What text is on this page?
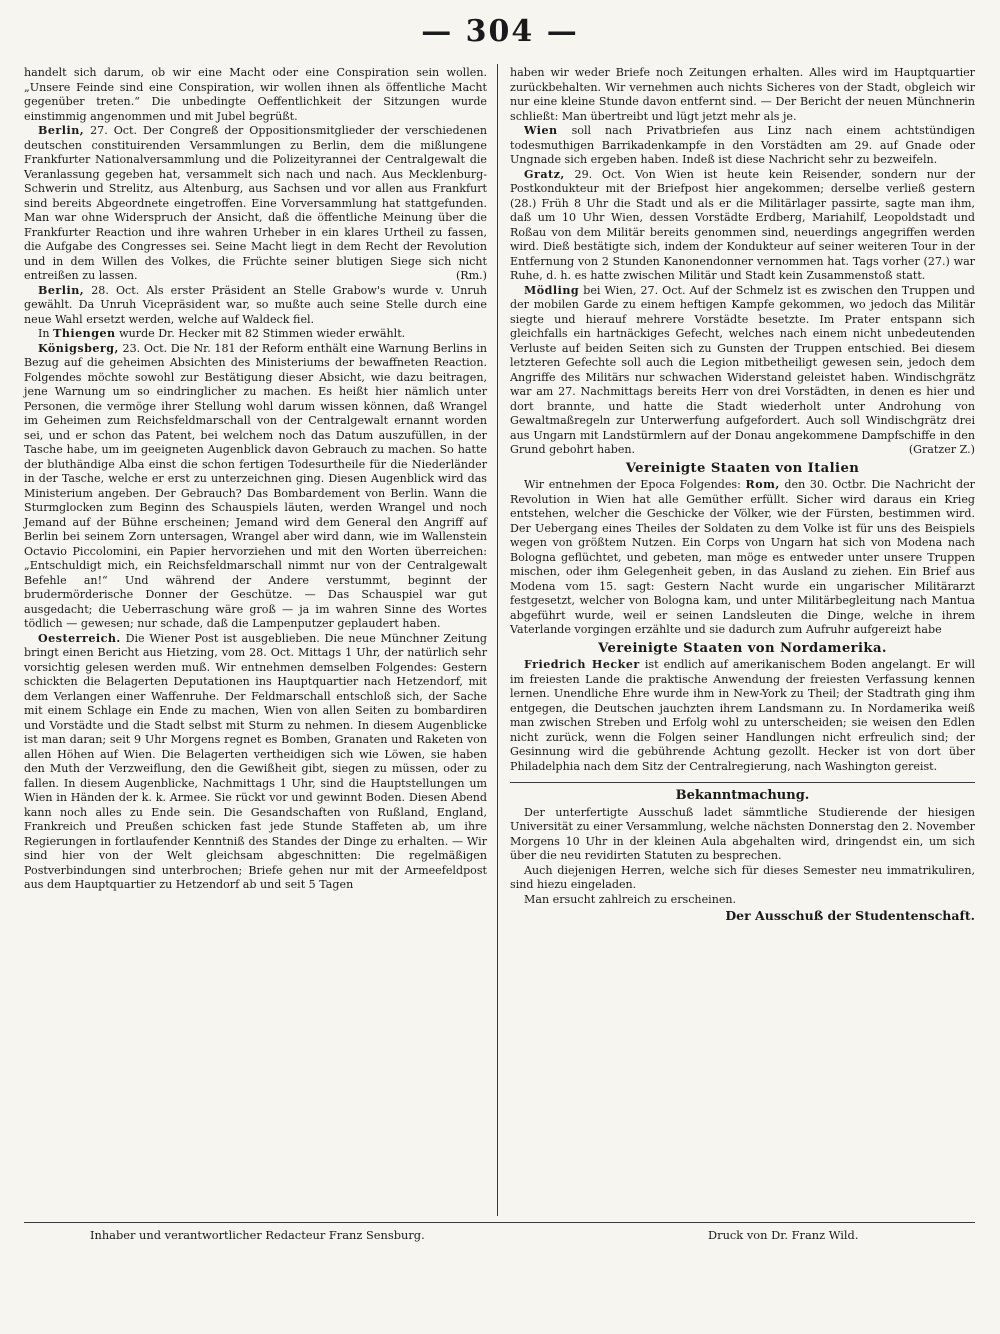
— 304 —

handelt sich darum, ob wir eine Macht oder eine Conspiration sein wollen. „Unsere Feinde sind eine Conspiration, wir wollen ihnen als öffentliche Macht gegenüber treten.“ Die unbedingte Oeffentlichkeit der Sitzungen wurde einstimmig angenommen und mit Jubel begrüßt.

Berlin, 27. Oct. Der Congreß der Oppositionsmitglieder der verschiedenen deutschen constituirenden Versammlungen zu Berlin, dem die mißlungene Frankfurter Nationalversammlung und die Polizeityrannei der Centralgewalt die Veranlassung gegeben hat, versammelt sich nach und nach. Aus Mecklenburg-Schwerin und Strelitz, aus Altenburg, aus Sachsen und vor allen aus Frankfurt sind bereits Abgeordnete eingetroffen. Eine Vorversammlung hat stattgefunden. Man war ohne Widerspruch der Ansicht, daß die öffentliche Meinung über die Frankfurter Reaction und ihre wahren Urheber in ein klares Urtheil zu fassen, die Aufgabe des Congresses sei. Seine Macht liegt in dem Recht der Revolution und in dem Willen des Volkes, die Früchte seiner blutigen Siege sich nicht entreißen zu lassen.	(Rm.)

Berlin, 28. Oct. Als erster Präsident an Stelle Grabow's wurde v. Unruh gewählt. Da Unruh Vicepräsident war, so mußte auch seine Stelle durch eine neue Wahl ersetzt werden, welche auf Waldeck fiel.

In Thiengen wurde Dr. Hecker mit 82 Stimmen wieder erwählt.

Königsberg, 23. Oct. Die Nr. 181 der Reform enthält eine Warnung Berlins in Bezug auf die geheimen Absichten des Ministeriums der bewaffneten Reaction. Folgendes möchte sowohl zur Bestätigung dieser Absicht, wie dazu beitragen, jene Warnung um so eindringlicher zu machen. Es heißt hier nämlich unter Personen, die vermöge ihrer Stellung wohl darum wissen können, daß Wrangel im Geheimen zum Reichsfeldmarschall von der Centralgewalt ernannt worden sei, und er schon das Patent, bei welchem noch das Datum auszufüllen, in der Tasche habe, um im geeigneten Augenblick davon Gebrauch zu machen. So hatte der bluthändige Alba einst die schon fertigen Todesurtheile für die Niederländer in der Tasche, welche er erst zu unterzeichnen ging. Diesen Augenblick wird das Ministerium angeben. Der Gebrauch? Das Bombardement von Berlin. Wann die Sturmglocken zum Beginn des Schauspiels läuten, werden Wrangel und noch Jemand auf der Bühne erscheinen; Jemand wird dem General den Angriff auf Berlin bei seinem Zorn untersagen, Wrangel aber wird dann, wie im Wallenstein Octavio Piccolomini, ein Papier hervorziehen und mit den Worten überreichen: „Entschuldigt mich, ein Reichsfeldmarschall nimmt nur von der Centralgewalt Befehle an!“ Und während der Andere verstummt, beginnt der brudermörderische Donner der Geschütze. — Das Schauspiel war gut ausgedacht; die Ueberraschung wäre groß — ja im wahren Sinne des Wortes tödlich — gewesen; nur schade, daß die Lampenputzer geplaudert haben.

Oesterreich. Die Wiener Post ist ausgeblieben. Die neue Münchner Zeitung bringt einen Bericht aus Hietzing, vom 28. Oct. Mittags 1 Uhr, der natürlich sehr vorsichtig gelesen werden muß. Wir entnehmen demselben Folgendes: Gestern schickten die Belagerten Deputationen ins Hauptquartier nach Hetzendorf, mit dem Verlangen einer Waffenruhe. Der Feldmarschall entschloß sich, der Sache mit einem Schlage ein Ende zu machen, Wien von allen Seiten zu bombardiren und Vorstädte und die Stadt selbst mit Sturm zu nehmen. In diesem Augenblicke ist man daran; seit 9 Uhr Morgens regnet es Bomben, Granaten und Raketen von allen Höhen auf Wien. Die Belagerten vertheidigen sich wie Löwen, sie haben den Muth der Verzweiflung, den die Gewißheit gibt, siegen zu müssen, oder zu fallen. In diesem Augenblicke, Nachmittags 1 Uhr, sind die Hauptstellungen um Wien in Händen der k. k. Armee. Sie rückt vor und gewinnt Boden. Diesen Abend kann noch alles zu Ende sein. Die Gesandschaften von Rußland, England, Frankreich und Preußen schicken fast jede Stunde Staffeten ab, um ihre Regierungen in fortlaufender Kenntniß des Standes der Dinge zu erhalten. — Wir sind hier von der Welt gleichsam abgeschnitten: Die regelmäßigen Postverbindungen sind unterbrochen; Briefe gehen nur mit der Armeefeldpost aus dem Hauptquartier zu Hetzendorf ab und seit 5 Tagen

haben wir weder Briefe noch Zeitungen erhalten. Alles wird im Hauptquartier zurückbehalten. Wir vernehmen auch nichts Sicheres von der Stadt, obgleich wir nur eine kleine Stunde davon entfernt sind. — Der Bericht der neuen Münchnerin schließt: Man übertreibt und lügt jetzt mehr als je.

Wien soll nach Privatbriefen aus Linz nach einem achtstündigen todesmuthigen Barrikadenkampfe in den Vorstädten am 29. auf Gnade oder Ungnade sich ergeben haben. Indeß ist diese Nachricht sehr zu bezweifeln.

Gratz, 29. Oct. Von Wien ist heute kein Reisender, sondern nur der Postkondukteur mit der Briefpost hier angekommen; derselbe verließ gestern (28.) Früh 8 Uhr die Stadt und als er die Militärlager passirte, sagte man ihm, daß um 10 Uhr Wien, dessen Vorstädte Erdberg, Mariahilf, Leopoldstadt und Roßau von dem Militär bereits genommen sind, neuerdings angegriffen werden wird. Dieß bestätigte sich, indem der Kondukteur auf seiner weiteren Tour in der Entfernung von 2 Stunden Kanonendonner vernommen hat. Tags vorher (27.) war Ruhe, d. h. es hatte zwischen Militär und Stadt kein Zusammenstoß statt.

Mödling bei Wien, 27. Oct. Auf der Schmelz ist es zwischen den Truppen und der mobilen Garde zu einem heftigen Kampfe gekommen, wo jedoch das Militär siegte und hierauf mehrere Vorstädte besetzte. Im Prater entspann sich gleichfalls ein hartnäckiges Gefecht, welches nach einem nicht unbedeutenden Verluste auf beiden Seiten sich zu Gunsten der Truppen entschied. Bei diesem letzteren Gefechte soll auch die Legion mitbetheiligt gewesen sein, jedoch dem Angriffe des Militärs nur schwachen Widerstand geleistet haben. Windischgrätz war am 27. Nachmittags bereits Herr von drei Vorstädten, in denen es hier und dort brannte, und hatte die Stadt wiederholt unter Androhung von Gewaltmaßregeln zur Unterwerfung aufgefordert. Auch soll Windischgrätz drei aus Ungarn mit Landstürmlern auf der Donau angekommene Dampfschiffe in den Grund gebohrt haben.	(Gratzer Z.)

Vereinigte Staaten von Italien

Wir entnehmen der Epoca Folgendes: Rom, den 30. Octbr. Die Nachricht der Revolution in Wien hat alle Gemüther erfüllt. Sicher wird daraus ein Krieg entstehen, welcher die Geschicke der Völker, wie der Fürsten, bestimmen wird. Der Uebergang eines Theiles der Soldaten zu dem Volke ist für uns des Beispiels wegen von größtem Nutzen. Ein Corps von Ungarn hat sich von Modena nach Bologna geflüchtet, und gebeten, man möge es entweder unter unsere Truppen mischen, oder ihm Gelegenheit geben, in das Ausland zu ziehen. Ein Brief aus Modena vom 15. sagt: Gestern Nacht wurde ein ungarischer Militärarzt festgesetzt, welcher von Bologna kam, und unter Militärbegleitung nach Mantua abgeführt wurde, weil er seinen Landsleuten die Dinge, welche in ihrem Vaterlande vorgingen erzählte und sie dadurch zum Aufruhr aufgereizt habe

Vereinigte Staaten von Nordamerika.

Friedrich Hecker ist endlich auf amerikanischem Boden angelangt. Er will im freiesten Lande die praktische Anwendung der freiesten Verfassung kennen lernen. Unendliche Ehre wurde ihm in New-York zu Theil; der Stadtrath ging ihm entgegen, die Deutschen jauchzten ihrem Landsmann zu. In Nordamerika weiß man zwischen Streben und Erfolg wohl zu unterscheiden; sie weisen den Edlen nicht zurück, wenn die Folgen seiner Handlungen nicht erfreulich sind; der Gesinnung wird die gebührende Achtung gezollt. Hecker ist von dort über Philadelphia nach dem Sitz der Centralregierung, nach Washington gereist.

Bekanntmachung.

Der unterfertigte Ausschuß ladet sämmtliche Studierende der hiesigen Universität zu einer Versammlung, welche nächsten Donnerstag den 2. November Morgens 10 Uhr in der kleinen Aula abgehalten wird, dringendst ein, um sich über die neu revidirten Statuten zu besprechen.

Auch diejenigen Herren, welche sich für dieses Semester neu immatrikuliren, sind hiezu eingeladen.

Man ersucht zahlreich zu erscheinen.

Der Ausschuß der Studentenschaft.
Inhaber und verantwortlicher Redacteur Franz Sensburg.	Druck von Dr. Franz Wild.
